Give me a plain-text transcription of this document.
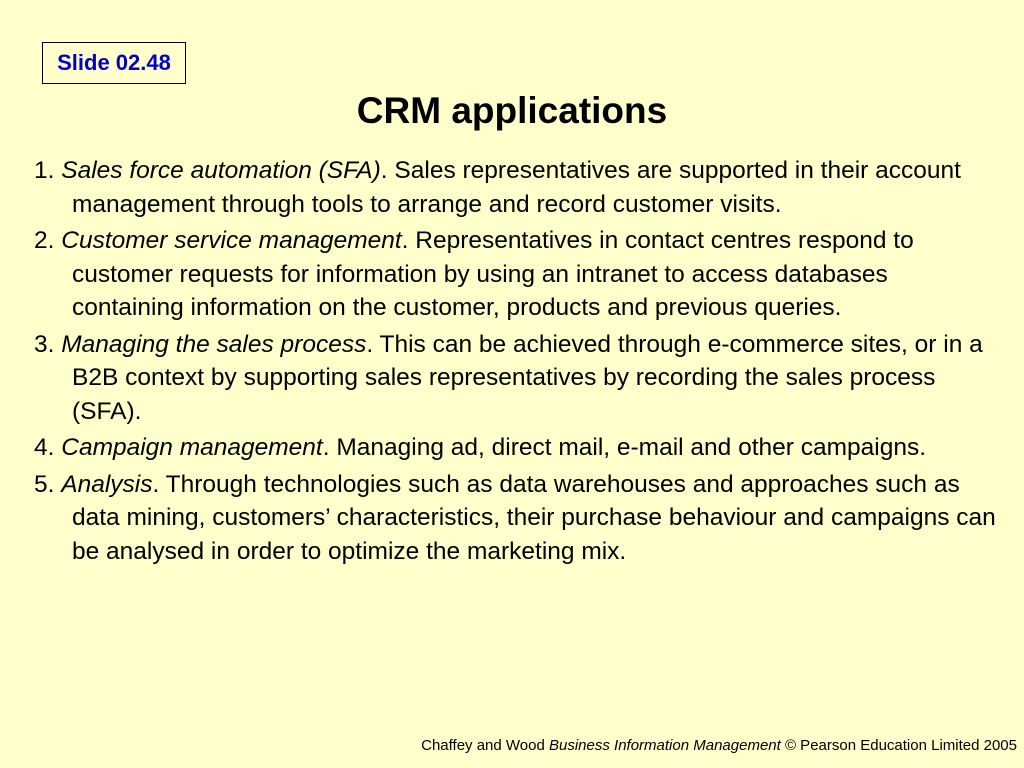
Slide 02.48
CRM applications
1. Sales force automation (SFA). Sales representatives are supported in their account management through tools to arrange and record customer visits.
2. Customer service management. Representatives in contact centres respond to customer requests for information by using an intranet to access databases containing information on the customer, products and previous queries.
3. Managing the sales process. This can be achieved through e-commerce sites, or in a B2B context by supporting sales representatives by recording the sales process (SFA).
4. Campaign management. Managing ad, direct mail, e-mail and other campaigns.
5. Analysis. Through technologies such as data warehouses and approaches such as data mining, customers’ characteristics, their purchase behaviour and campaigns can be analysed in order to optimize the marketing mix.
Chaffey and Wood Business Information Management © Pearson Education Limited 2005
